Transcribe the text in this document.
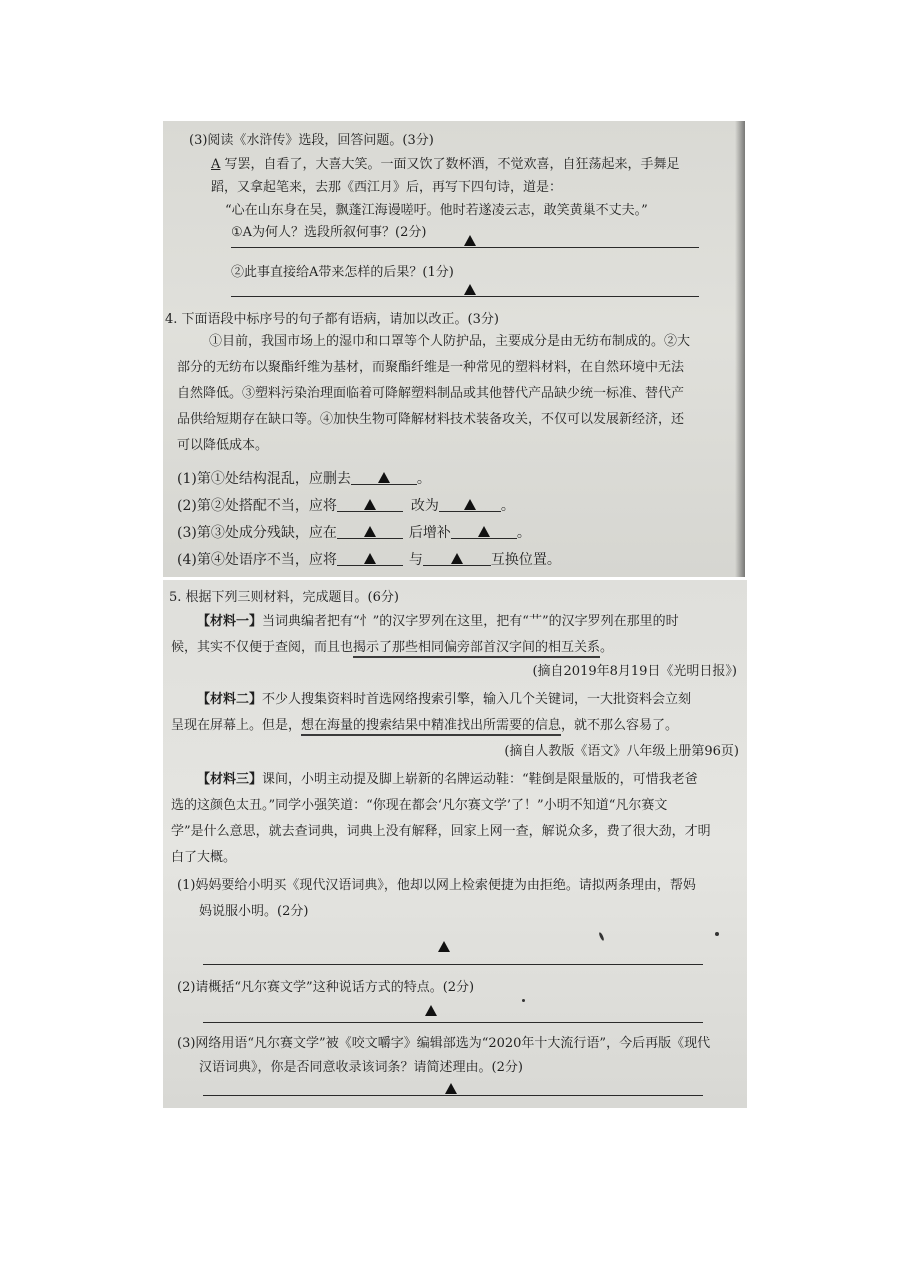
(3)阅读《水浒传》选段，回答问题。(3分)
A 写罢，自看了，大喜大笑。一面又饮了数杯酒，不觉欢喜，自狂荡起来，手舞足
蹈，又拿起笔来，去那《西江月》后，再写下四句诗，道是：
“心在山东身在吴，飘蓬江海谩嗟吁。他时若遂凌云志，敢笑黄巢不丈夫。”
①A为何人？选段所叙何事？(2分)
②此事直接给A带来怎样的后果？(1分)
4. 下面语段中标序号的句子都有语病，请加以改正。(3分)
①目前，我国市场上的湿巾和口罩等个人防护品，主要成分是由无纺布制成的。②大
部分的无纺布以聚酯纤维为基材，而聚酯纤维是一种常见的塑料材料，在自然环境中无法
自然降低。③塑料污染治理面临着可降解塑料制品或其他替代产品缺少统一标准、替代产
品供给短期存在缺口等。④加快生物可降解材料技术装备攻关，不仅可以发展新经济，还
可以降低成本。
(1)第①处结构混乱，应删去	。
(2)第②处搭配不当，应将	改为	。
(3)第③处成分残缺，应在	后增补	。
(4)第④处语序不当，应将	与	互换位置。
5. 根据下列三则材料，完成题目。(6分)
【材料一】当词典编者把有“忄”的汉字罗列在这里，把有“艹”的汉字罗列在那里的时
候，其实不仅便于查阅，而且也揭示了那些相同偏旁部首汉字间的相互关系。
(摘自2019年8月19日《光明日报》)
【材料二】不少人搜集资料时首选网络搜索引擎，输入几个关键词，一大批资料会立刻
呈现在屏幕上。但是，想在海量的搜索结果中精准找出所需要的信息，就不那么容易了。
(摘自人教版《语文》八年级上册第96页)
【材料三】课间，小明主动提及脚上崭新的名牌运动鞋：“鞋倒是限量版的，可惜我老爸
选的这颜色太丑。”同学小强笑道：“你现在都会‘凡尔赛文学’了！”小明不知道“凡尔赛文
学”是什么意思，就去查词典，词典上没有解释，回家上网一查，解说众多，费了很大劲，才明
白了大概。
(1)妈妈要给小明买《现代汉语词典》，他却以网上检索便捷为由拒绝。请拟两条理由，帮妈
妈说服小明。(2分)
(2)请概括“凡尔赛文学”这种说话方式的特点。(2分)
(3)网络用语“凡尔赛文学”被《咬文嚼字》编辑部选为“2020年十大流行语”，今后再版《现代
汉语词典》，你是否同意收录该词条？请简述理由。(2分)
